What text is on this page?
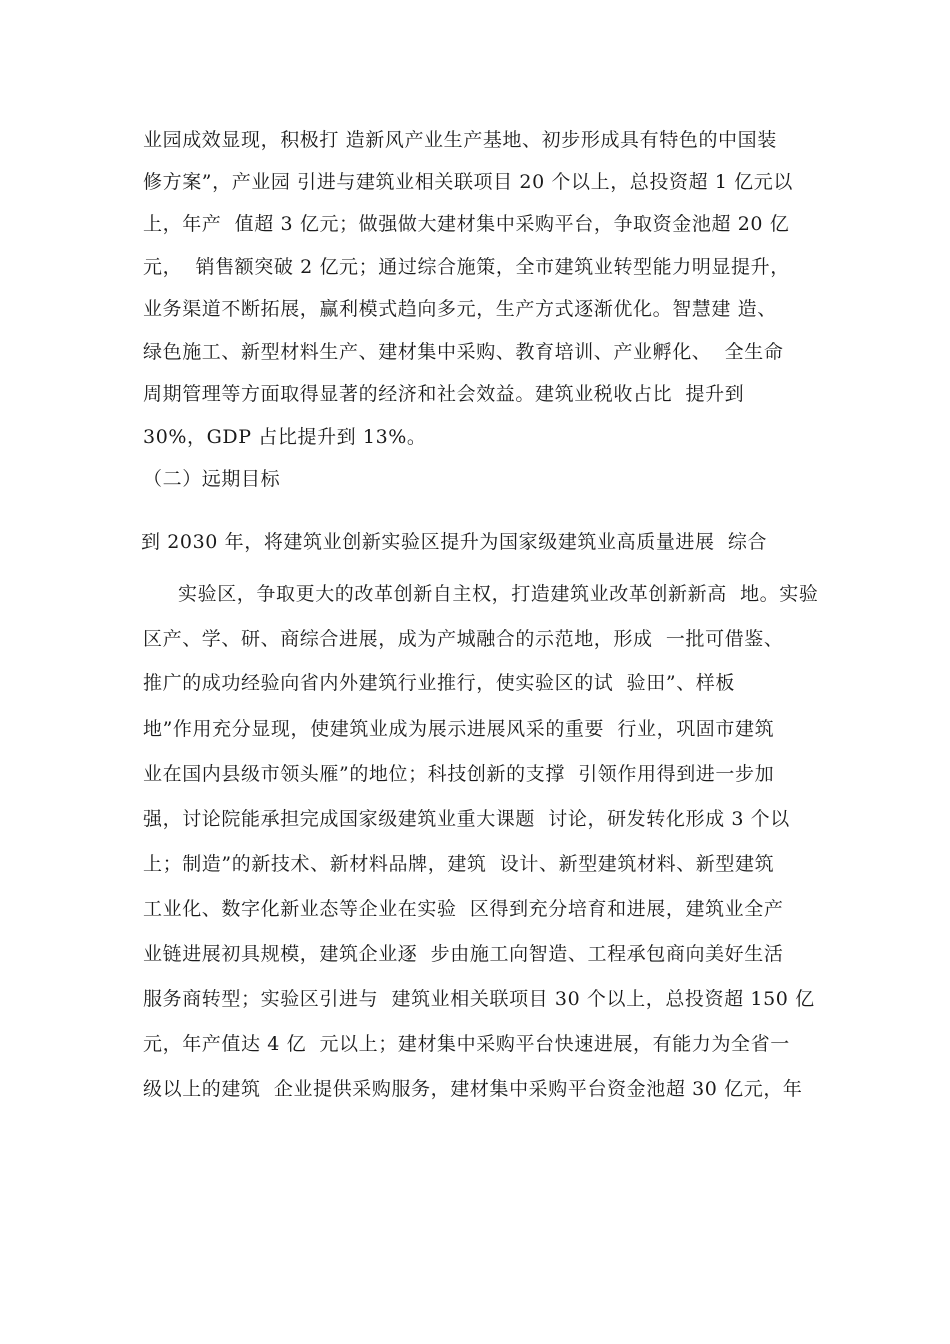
业园成效显现，积极打 造新风产业生产基地、初步形成具有特色的中国装
修方案”，产业园 引进与建筑业相关联项目 20 个以上，总投资超 1 亿元以
上，年产  值超 3 亿元；做强做大建材集中采购平台，争取资金池超 20 亿
元，  销售额突破 2 亿元；通过综合施策，全市建筑业转型能力明显提升，
业务渠道不断拓展，赢利模式趋向多元，生产方式逐渐优化。智慧建 造、
绿色施工、新型材料生产、建材集中采购、教育培训、产业孵化、  全生命
周期管理等方面取得显著的经济和社会效益。建筑业税收占比  提升到
30%，GDP 占比提升到 13%。
（二）远期目标
到 2030 年，将建筑业创新实验区提升为国家级建筑业高质量进展  综合
实验区，争取更大的改革创新自主权，打造建筑业改革创新新高  地。实验
区产、学、研、商综合进展，成为产城融合的示范地，形成  一批可借鉴、
推广的成功经验向省内外建筑行业推行，使实验区的试  验田”、样板
地”作用充分显现，使建筑业成为展示进展风采的重要  行业，巩固市建筑
业在国内县级市领头雁”的地位；科技创新的支撑  引领作用得到进一步加
强，讨论院能承担完成国家级建筑业重大课题  讨论，研发转化形成 3 个以
上；制造”的新技术、新材料品牌，建筑  设计、新型建筑材料、新型建筑
工业化、数字化新业态等企业在实验  区得到充分培育和进展，建筑业全产
业链进展初具规模，建筑企业逐  步由施工向智造、工程承包商向美好生活
服务商转型；实验区引进与  建筑业相关联项目 30 个以上，总投资超 150 亿
元，年产值达 4 亿  元以上；建材集中采购平台快速进展，有能力为全省一
级以上的建筑  企业提供采购服务，建材集中采购平台资金池超 30 亿元，年
